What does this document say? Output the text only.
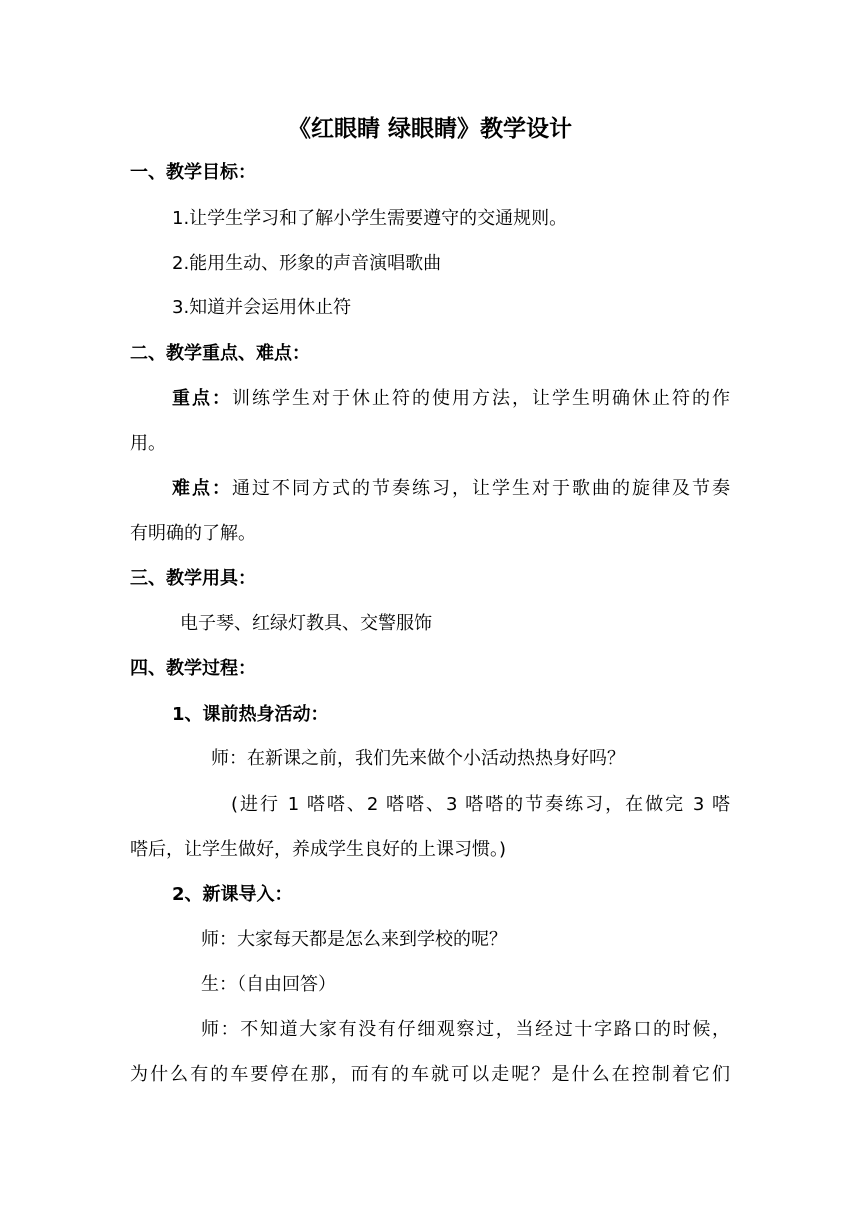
《红眼睛 绿眼睛》教学设计
一、教学目标：
1.让学生学习和了解小学生需要遵守的交通规则。
2.能用生动、形象的声音演唱歌曲
3.知道并会运用休止符
二、教学重点、难点：
重点：训练学生对于休止符的使用方法，让学生明确休止符的作
用。
难点：通过不同方式的节奏练习，让学生对于歌曲的旋律及节奏
有明确的了解。
三、教学用具：
电子琴、红绿灯教具、交警服饰
四、教学过程：
1、课前热身活动：
师：在新课之前，我们先来做个小活动热热身好吗？
(进行 1 嗒嗒、2 嗒嗒、3 嗒嗒的节奏练习，在做完 3 嗒
嗒后，让学生做好，养成学生良好的上课习惯。)
2、新课导入：
师：大家每天都是怎么来到学校的呢？
生：（自由回答）
师：不知道大家有没有仔细观察过，当经过十字路口的时候，
为什么有的车要停在那，而有的车就可以走呢？是什么在控制着它们
